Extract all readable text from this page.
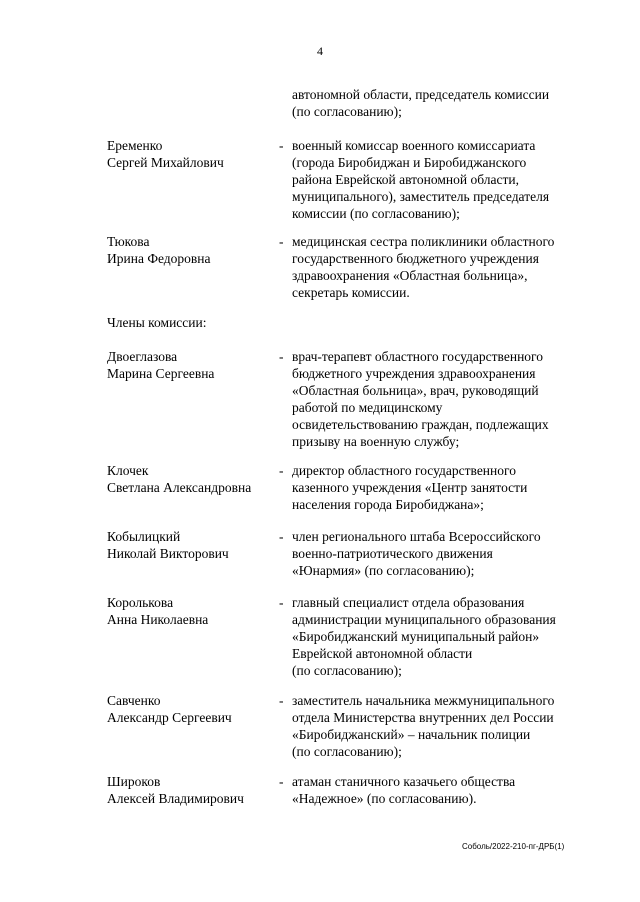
4
автономной области, председатель комиссии
(по согласованию);
Еременко
Сергей Михайлович
- военный комиссар военного комиссариата
(города Биробиджан и Биробиджанского
района Еврейской автономной области,
муниципального), заместитель председателя
комиссии (по согласованию);
Тюкова
Ирина Федоровна
- медицинская сестра поликлиники областного
государственного бюджетного учреждения
здравоохранения «Областная больница»,
секретарь комиссии.
Члены комиссии:
Двоеглазова
Марина Сергеевна
- врач-терапевт областного государственного
бюджетного учреждения здравоохранения
«Областная больница», врач, руководящий
работой по медицинскому
освидетельствованию граждан, подлежащих
призыву на военную службу;
Клочек
Светлана Александровна
- директор областного государственного
казенного учреждения «Центр занятости
населения города Биробиджана»;
Кобылицкий
Николай Викторович
- член регионального штаба Всероссийского
военно-патриотического движения
«Юнармия» (по согласованию);
Королькова
Анна Николаевна
- главный специалист отдела образования
администрации муниципального образования
«Биробиджанский муниципальный район»
Еврейской автономной области
(по согласованию);
Савченко
Александр Сергеевич
- заместитель начальника межмуниципального
отдела Министерства внутренних дел России
«Биробиджанский» – начальник полиции
(по согласованию);
Широков
Алексей Владимирович
- атаман станичного казачьего общества
«Надежное» (по согласованию).
Соболь/2022-210-пг-ДРБ(1)
